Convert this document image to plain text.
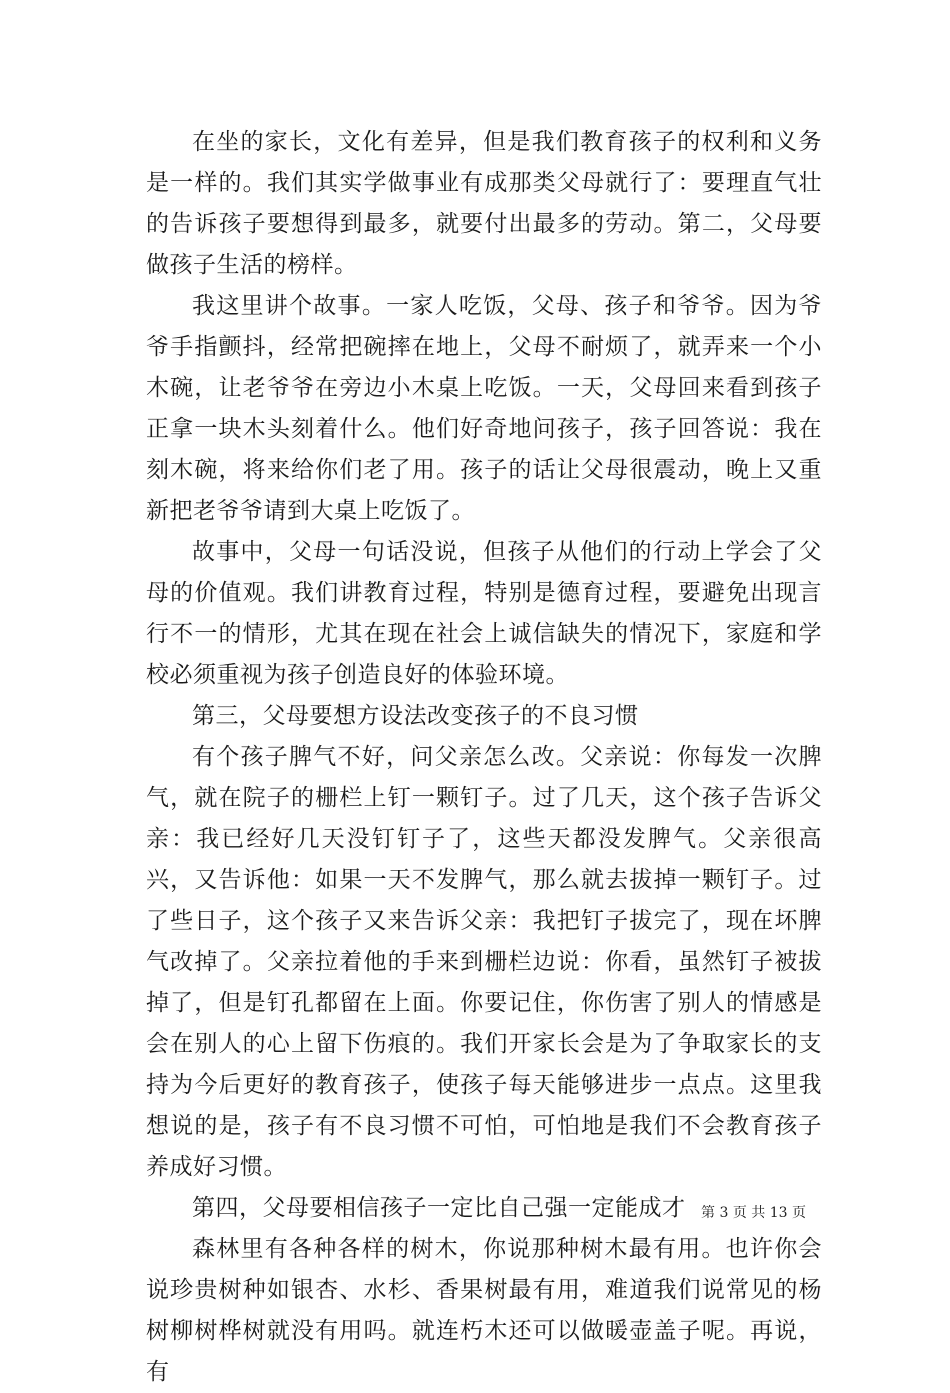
在坐的家长，文化有差异，但是我们教育孩子的权利和义务是一样的。我们其实学做事业有成那类父母就行了：要理直气壮的告诉孩子要想得到最多，就要付出最多的劳动。第二，父母要做孩子生活的榜样。

我这里讲个故事。一家人吃饭，父母、孩子和爷爷。因为爷爷手指颤抖，经常把碗摔在地上，父母不耐烦了，就弄来一个小木碗，让老爷爷在旁边小木桌上吃饭。一天，父母回来看到孩子正拿一块木头刻着什么。他们好奇地问孩子，孩子回答说：我在刻木碗，将来给你们老了用。孩子的话让父母很震动，晚上又重新把老爷爷请到大桌上吃饭了。

故事中，父母一句话没说，但孩子从他们的行动上学会了父母的价值观。我们讲教育过程，特别是德育过程，要避免出现言行不一的情形，尤其在现在社会上诚信缺失的情况下，家庭和学校必须重视为孩子创造良好的体验环境。

第三，父母要想方设法改变孩子的不良习惯

有个孩子脾气不好，问父亲怎么改。父亲说：你每发一次脾气，就在院子的栅栏上钉一颗钉子。过了几天，这个孩子告诉父亲：我已经好几天没钉钉子了，这些天都没发脾气。父亲很高兴，又告诉他：如果一天不发脾气，那么就去拔掉一颗钉子。过了些日子，这个孩子又来告诉父亲：我把钉子拔完了，现在坏脾气改掉了。父亲拉着他的手来到栅栏边说：你看，虽然钉子被拔掉了，但是钉孔都留在上面。你要记住，你伤害了别人的情感是会在别人的心上留下伤痕的。我们开家长会是为了争取家长的支持为今后更好的教育孩子，使孩子每天能够进步一点点。这里我想说的是，孩子有不良习惯不可怕，可怕地是我们不会教育孩子养成好习惯。

第四，父母要相信孩子一定比自己强一定能成才

森林里有各种各样的树木，你说那种树木最有用。也许你会说珍贵树种如银杏、水杉、香果树最有用，难道我们说常见的杨树柳树桦树就没有用吗。就连朽木还可以做暖壶盖子呢。再说，有

第 3 页 共 13 页
